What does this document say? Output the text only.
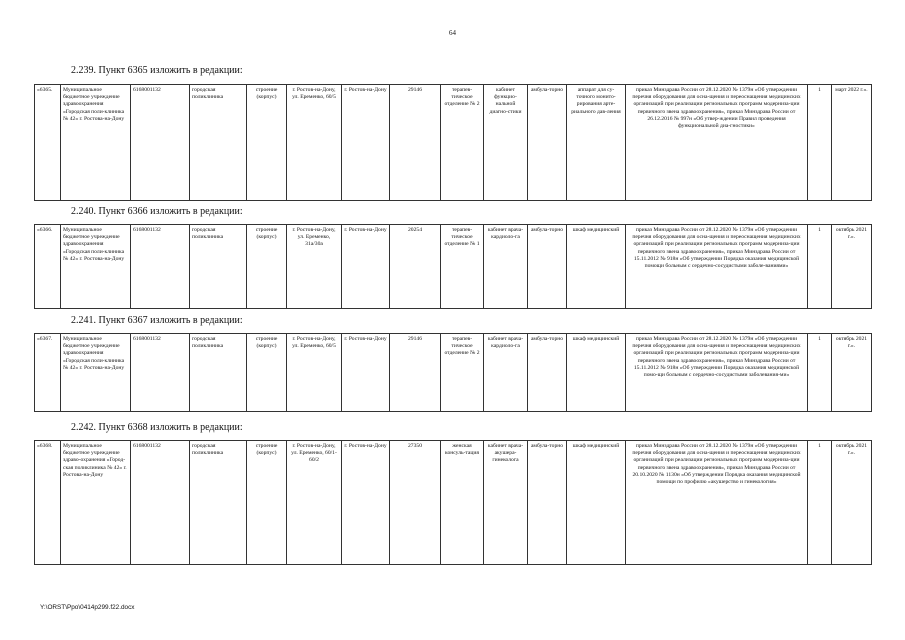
64
2.239. Пункт 6365 изложить в редакции:
«6365.	Муниципальное бюджетное учреждение здравоохранения «Городская поли-клиника № 42» г. Ростова-на-Дону	6168001132	городская поликлиника	строение (корпус)	г. Ростов-на-Дону, ул. Еременко, 60/5	г. Ростов-на-Дону	29146	терапев-тическое отделение № 2	кабинет функцио-нальной диагно-стики	амбула-торно	аппарат для су-точного монито-рирования арте-риального дав-ления	приказ Минздрава России от 28.12.2020 № 1379н «Об утверждении перечня оборудования для осна-щения и переоснащения медицинских организаций при реализации региональных программ модерниза-ции первичного звена здравоохранения», приказ Минздрава России от 26.12.2016 № 997н «Об утвер-ждении Правил проведения функциональной диа-гностики»	1	март 2022 г.».
2.240. Пункт 6366 изложить в редакции:
«6366.	Муниципальное бюджетное учреждение здравоохранения «Городская поли-клиника № 42» г. Ростова-на-Дону	6168001132	городская поликлиника	строение (корпус)	г. Ростов-на-Дону, ул. Еременко, 31а/30а	г. Ростов-на-Дону	20254	терапев-тическое отделение № 1	кабинет врача-кардиоло-га	амбула-торно	шкаф медицинский	приказ Минздрава России от 28.12.2020 № 1379н «Об утверждении перечня оборудования для осна-щения и переоснащения медицинских организаций при реализации региональных программ модерниза-ции первичного звена здравоохранения», приказ Минздрава России от 15.11.2012 № 918н «Об утверждении Порядка оказания медицинской помощи больным с сердечно-сосудистыми заболе-ваниями»	1	октябрь 2021 г.».
2.241. Пункт 6367 изложить в редакции:
«6367.	Муниципальное бюджетное учреждение здравоохранения «Городская поли-клиника № 42» г. Ростова-на-Дону	6168001132	городская поликлиника	строение (корпус)	г. Ростов-на-Дону, ул. Еременко, 60/5	г. Ростов-на-Дону	29146	терапев-тическое отделение № 2	кабинет врача-кардиоло-га	амбула-торно	шкаф медицинский	приказ Минздрава России от 28.12.2020 № 1379н «Об утверждении перечня оборудования для осна-щения и переоснащения медицинских организаций при реализации региональных программ модерниза-ции первичного звена здравоохранения», приказ Минздрава России от 15.11.2012 № 918н «Об утверждении Порядка оказания медицинской помо-щи больным с сердечно-сосудистыми заболевания-ми»	1	октябрь 2021 г.».
2.242. Пункт 6368 изложить в редакции:
«6368.	Муниципальное бюджетное учреждение здраво-охранения «Город-ская поликлиника № 42» г. Ростова-на-Дону	6168001132	городская поликлиника	строение (корпус)	г. Ростов-на-Дону, ул. Еременко, 60/1-60/2	г. Ростов-на-Дону	27350	женская консуль-тация	кабинет врача-акушера-гинеколога	амбула-торно	шкаф медицинский	приказ Минздрава России от 28.12.2020 № 1379н «Об утверждении перечня оборудования для осна-щения и переоснащения медицинских организаций при реализации региональных программ модерниза-ции первичного звена здравоохранения», приказ Минздрава России от 20.10.2020 № 1130н «Об утверждении Порядка оказания медицинской помощи по профилю «акушерство и гинекология»	1	октябрь 2021 г.».
Y:\ORST\Ppo\0414p299.f22.docx
